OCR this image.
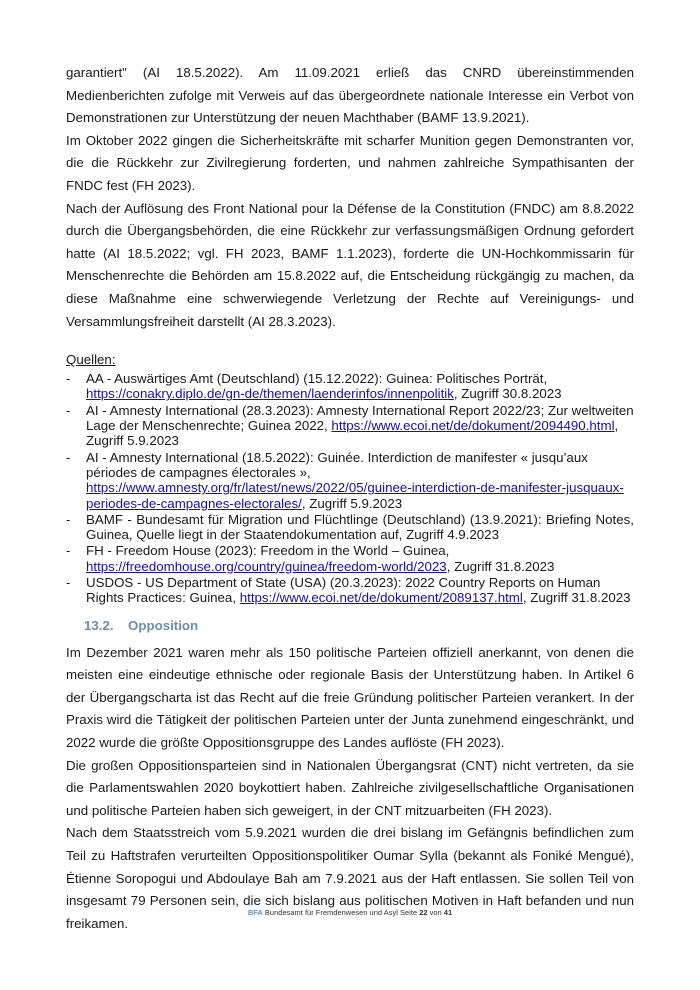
garantiert" (AI 18.5.2022). Am 11.09.2021 erließ das CNRD übereinstimmenden Medienberichten zufolge mit Verweis auf das übergeordnete nationale Interesse ein Verbot von Demonstrationen zur Unterstützung der neuen Machthaber (BAMF 13.9.2021).

Im Oktober 2022 gingen die Sicherheitskräfte mit scharfer Munition gegen Demonstranten vor, die die Rückkehr zur Zivilregierung forderten, und nahmen zahlreiche Sympathisanten der FNDC fest (FH 2023).

Nach der Auflösung des Front National pour la Défense de la Constitution (FNDC) am 8.8.2022 durch die Übergangsbehörden, die eine Rückkehr zur verfassungsmäßigen Ordnung gefordert hatte (AI 18.5.2022; vgl. FH 2023, BAMF 1.1.2023), forderte die UN-Hochkommissarin für Menschenrechte die Behörden am 15.8.2022 auf, die Entscheidung rückgängig zu machen, da diese Maßnahme eine schwerwiegende Verletzung der Rechte auf Vereinigungs- und Versammlungsfreiheit darstellt (AI 28.3.2023).

Quellen:
- AA - Auswärtiges Amt (Deutschland) (15.12.2022): Guinea: Politisches Porträt, https://conakry.diplo.de/gn-de/themen/laenderinfos/innenpolitik, Zugriff 30.8.2023
- AI - Amnesty International (28.3.2023): Amnesty International Report 2022/23; Zur weltweiten Lage der Menschenrechte; Guinea 2022, https://www.ecoi.net/de/dokument/2094490.html, Zugriff 5.9.2023
- AI - Amnesty International (18.5.2022): Guinée. Interdiction de manifester « jusqu’aux périodes de campagnes électorales », https://www.amnesty.org/fr/latest/news/2022/05/guinee-interdiction-de-manifester-jusquaux-periodes-de-campagnes-electorales/, Zugriff 5.9.2023
- BAMF - Bundesamt für Migration und Flüchtlinge (Deutschland) (13.9.2021): Briefing Notes, Guinea, Quelle liegt in der Staatendokumentation auf, Zugriff 4.9.2023
- FH - Freedom House (2023): Freedom in the World – Guinea, https://freedomhouse.org/country/guinea/freedom-world/2023, Zugriff 31.8.2023
- USDOS - US Department of State (USA) (20.3.2023): 2022 Country Reports on Human Rights Practices: Guinea, https://www.ecoi.net/de/dokument/2089137.html, Zugriff 31.8.2023
13.2. Opposition

Im Dezember 2021 waren mehr als 150 politische Parteien offiziell anerkannt, von denen die meisten eine eindeutige ethnische oder regionale Basis der Unterstützung haben. In Artikel 6 der Übergangscharta ist das Recht auf die freie Gründung politischer Parteien verankert. In der Praxis wird die Tätigkeit der politischen Parteien unter der Junta zunehmend eingeschränkt, und 2022 wurde die größte Oppositionsgruppe des Landes auflöste (FH 2023).

Die großen Oppositionsparteien sind in Nationalen Übergangsrat (CNT) nicht vertreten, da sie die Parlamentswahlen 2020 boykottiert haben. Zahlreiche zivilgesellschaftliche Organisationen und politische Parteien haben sich geweigert, in der CNT mitzuarbeiten (FH 2023).

Nach dem Staatsstreich vom 5.9.2021 wurden die drei bislang im Gefängnis befindlichen zum Teil zu Haftstrafen verurteilten Oppositionspolitiker Oumar Sylla (bekannt als Foniké Mengué), Étienne Soropogui und Abdoulaye Bah am 7.9.2021 aus der Haft entlassen. Sie sollen Teil von insgesamt 79 Personen sein, die sich bislang aus politischen Motiven in Haft befanden und nun freikamen.

BFA Bundesamt für Fremdenwesen und Asyl Seite 22 von 41
